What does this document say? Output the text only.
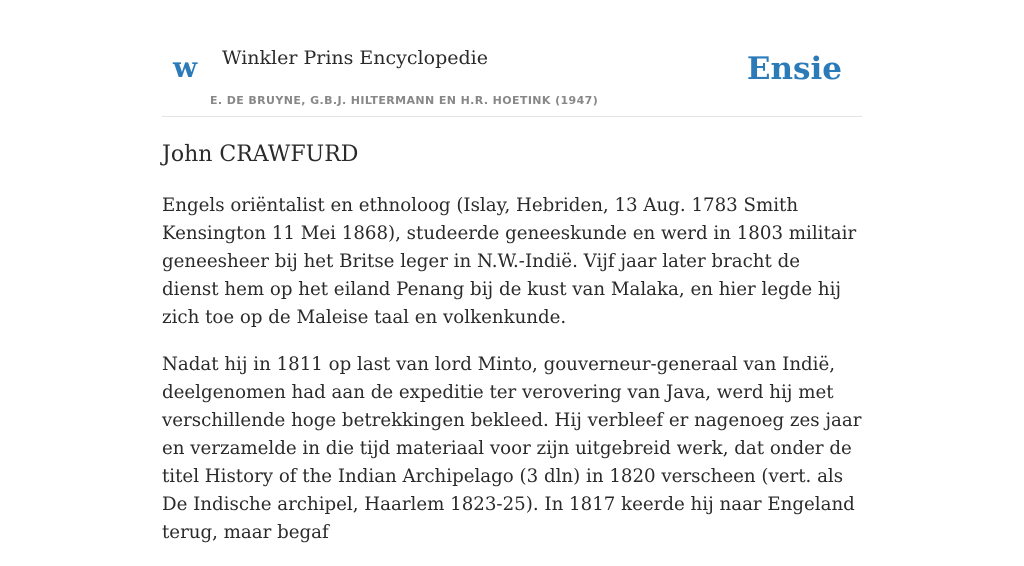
w Winkler Prins Encyclopedie
E. DE BRUYNE, G.B.J. HILTERMANN EN H.R. HOETINK (1947)
Ensie
John CRAWFURD

Engels oriëntalist en ethnoloog (Islay, Hebriden, 13 Aug. 1783 Smith Kensington 11 Mei 1868), studeerde geneeskunde en werd in 1803 militair geneesheer bij het Britse leger in N.W.-Indië. Vijf jaar later bracht de dienst hem op het eiland Penang bij de kust van Malaka, en hier legde hij zich toe op de Maleise taal en volkenkunde.

Nadat hij in 1811 op last van lord Minto, gouverneur-generaal van Indië, deelgenomen had aan de expeditie ter verovering van Java, werd hij met verschillende hoge betrekkingen bekleed. Hij verbleef er nagenoeg zes jaar en verzamelde in die tijd materiaal voor zijn uitgebreid werk, dat onder de titel History of the Indian Archipelago (3 dln) in 1820 verscheen (vert. als De Indische archipel, Haarlem 1823-25). In 1817 keerde hij naar Engeland terug, maar begaf
